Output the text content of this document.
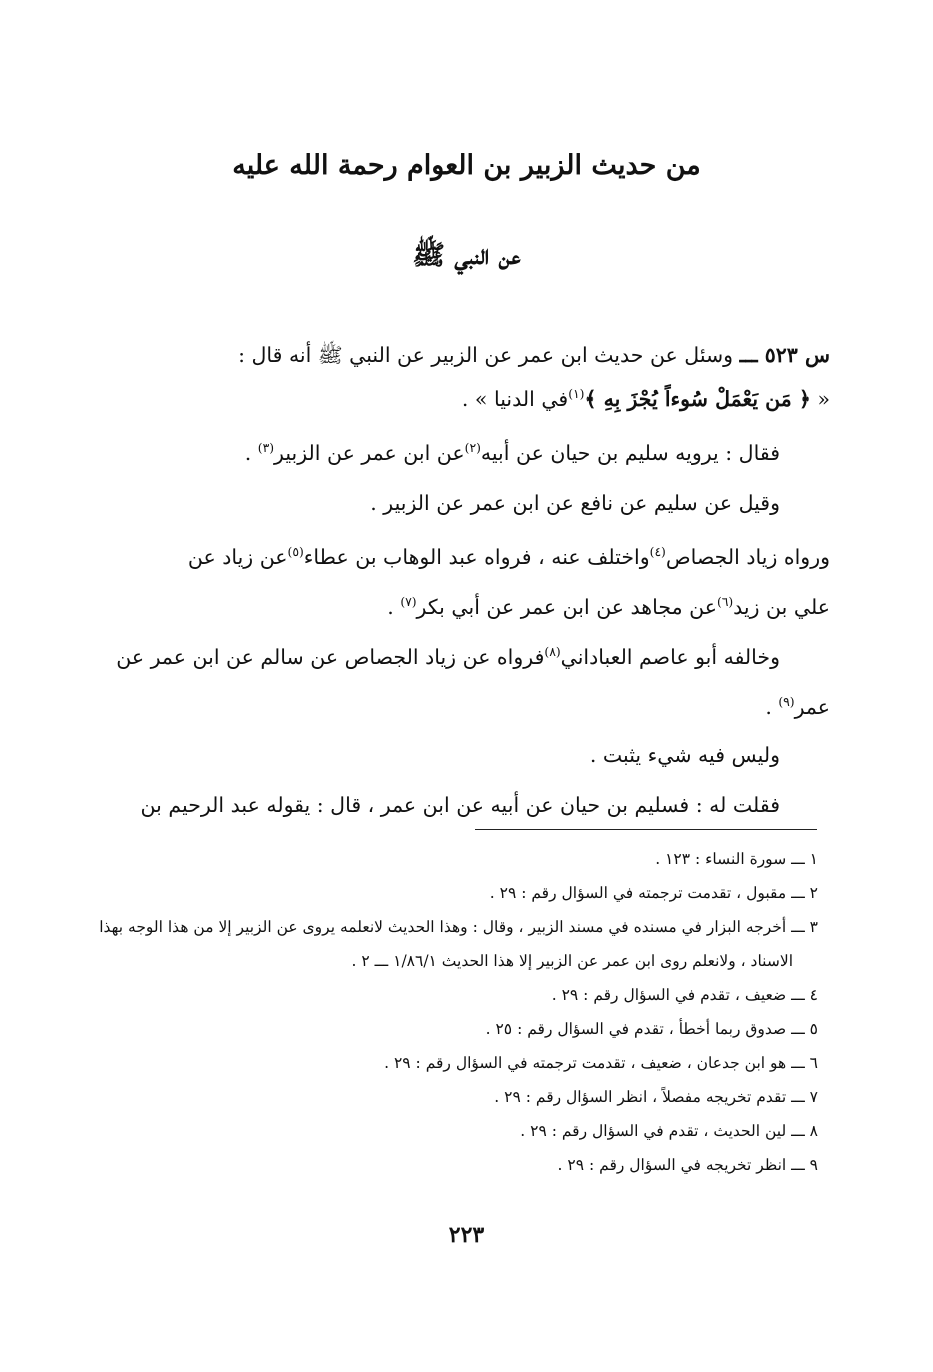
من حديث الزبير بن العوام رحمة الله عليه
عن النبي ﷺ
س ٥٢٣ ـــ وسئل عن حديث ابن عمر عن الزبير عن النبي ﷺ أنه قال :
« ﴿ مَن يَعْمَلْ سُوءاً يُجْزَ بِهِ ﴾$^{(١)}$في الدنيا » .
فقال : يرويه سليم بن حيان عن أبيه$^{(٢)}$عن ابن عمر عن الزبير$^{(٣)}$ .
وقيل عن سليم عن نافع عن ابن عمر عن الزبير .
ورواه زياد الجصاص$^{(٤)}$واختلف عنه ، فرواه عبد الوهاب بن عطاء$^{(٥)}$عن زياد عن
علي بن زيد$^{(٦)}$عن مجاهد عن ابن عمر عن أبي بكر$^{(٧)}$ .
وخالفه أبو عاصم العباداني$^{(٨)}$فرواه عن زياد الجصاص عن سالم عن ابن عمر عن
عمر$^{(٩)}$ .
وليس فيه شيء يثبت .
فقلت له : فسليم بن حيان عن أبيه عن ابن عمر ، قال : يقوله عبد الرحيم بن
١ ـــ سورة النساء : ١٢٣ .
٢ ـــ مقبول ، تقدمت ترجمته في السؤال رقم : ٢٩ .
٣ ـــ أخرجه البزار في مسنده في مسند الزبير ، وقال : وهذا الحديث لانعلمه يروى عن الزبير إلا من هذا الوجه بهذا
الاسناد ، ولانعلم روى ابن عمر عن الزبير إلا هذا الحديث ١/٨٦/١ ـــ ٢ .
٤ ـــ ضعيف ، تقدم في السؤال رقم : ٢٩ .
٥ ـــ صدوق ربما أخطأ ، تقدم في السؤال رقم : ٢٥ .
٦ ـــ هو ابن جدعان ، ضعيف ، تقدمت ترجمته في السؤال رقم : ٢٩ .
٧ ـــ تقدم تخريجه مفصلاً ، انظر السؤال رقم : ٢٩ .
٨ ـــ لين الحديث ، تقدم في السؤال رقم : ٢٩ .
٩ ـــ انظر تخريجه في السؤال رقم : ٢٩ .
٢٢٣
